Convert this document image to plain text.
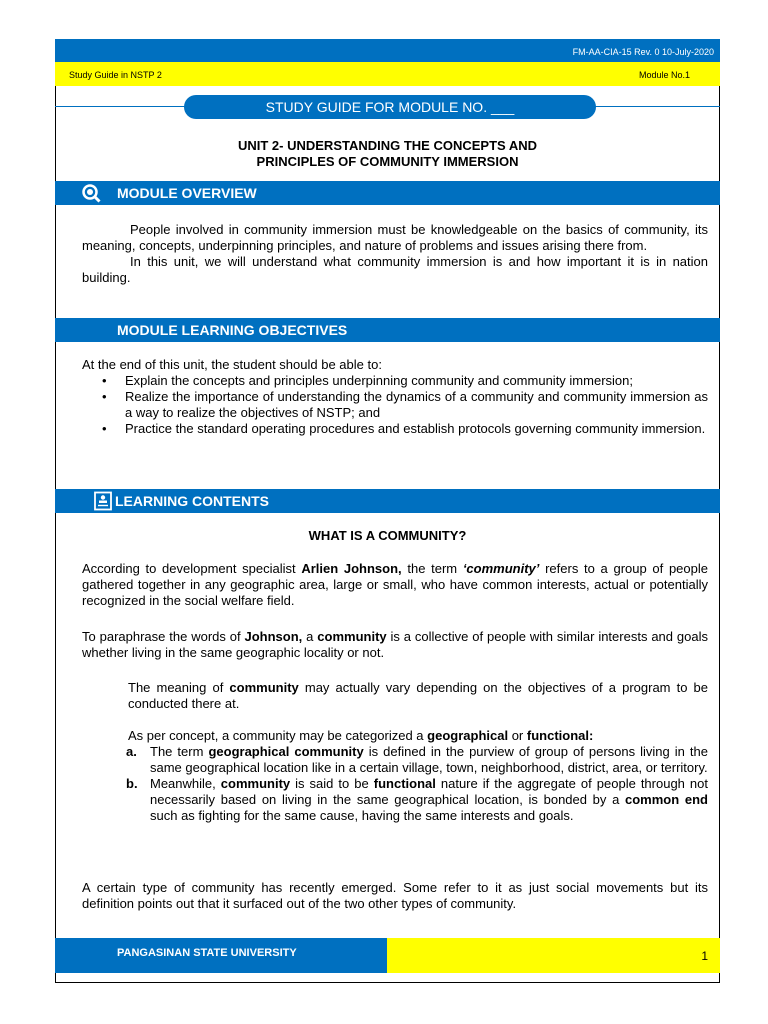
FM-AA-CIA-15 Rev. 0 10-July-2020
Study Guide in NSTP 2	Module No.1
STUDY GUIDE FOR MODULE NO. ___
UNIT 2- UNDERSTANDING THE CONCEPTS AND
PRINCIPLES OF COMMUNITY IMMERSION
MODULE OVERVIEW

People involved in community immersion must be knowledgeable on the basics of community, its meaning, concepts, underpinning principles, and nature of problems and issues arising there from.

In this unit, we will understand what community immersion is and how important it is in nation building.

MODULE LEARNING OBJECTIVES

At the end of this unit, the student should be able to:

• Explain the concepts and principles underpinning community and community immersion;
• Realize the importance of understanding the dynamics of a community and community immersion as a way to realize the objectives of NSTP; and
• Practice the standard operating procedures and establish protocols governing community immersion.
LEARNING CONTENTS
WHAT IS A COMMUNITY?
According to development specialist Arlien Johnson, the term ‘community’ refers to a group of people gathered together in any geographic area, large or small, who have common interests, actual or potentially recognized in the social welfare field.
To paraphrase the words of Johnson, a community is a collective of people with similar interests and goals whether living in the same geographic locality or not.
The meaning of community may actually vary depending on the objectives of a program to be conducted there at.

As per concept, a community may be categorized a geographical or functional:

a. The term geographical community is defined in the purview of group of persons living in the same geographical location like in a certain village, town, neighborhood, district, area, or territory.
b. Meanwhile, community is said to be functional nature if the aggregate of people through not necessarily based on living in the same geographical location, is bonded by a common end such as fighting for the same cause, having the same interests and goals.
A certain type of community has recently emerged. Some refer to it as just social movements but its definition points out that it surfaced out of the two other types of community.
PANGASINAN STATE UNIVERSITY	1
